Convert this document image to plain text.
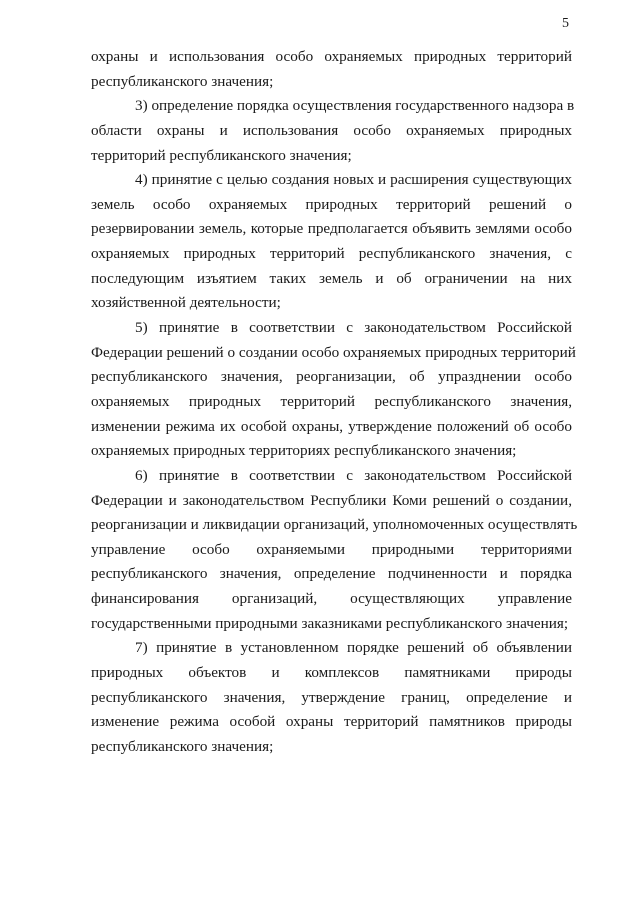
5
охраны и использования особо охраняемых природных территорий
республиканского значения;
3) определение порядка осуществления государственного надзора в
области охраны и использования особо охраняемых природных
территорий республиканского значения;
4) принятие с целью создания новых и расширения существующих
земель особо охраняемых природных территорий решений о
резервировании земель, которые предполагается объявить землями особо
охраняемых природных территорий республиканского значения, с
последующим изъятием таких земель и об ограничении на них
хозяйственной деятельности;
5) принятие в соответствии с законодательством Российской
Федерации решений о создании особо охраняемых природных территорий
республиканского значения, реорганизации, об упразднении особо
охраняемых природных территорий республиканского значения,
изменении режима их особой охраны, утверждение положений об особо
охраняемых природных территориях республиканского значения;
6) принятие в соответствии с законодательством Российской
Федерации и законодательством Республики Коми решений о создании,
реорганизации и ликвидации организаций, уполномоченных осуществлять
управление особо охраняемыми природными территориями
республиканского значения, определение подчиненности и порядка
финансирования организаций, осуществляющих управление
государственными природными заказниками республиканского значения;
7) принятие в установленном порядке решений об объявлении
природных объектов и комплексов памятниками природы
республиканского значения, утверждение границ, определение и
изменение режима особой охраны территорий памятников природы
республиканского значения;
